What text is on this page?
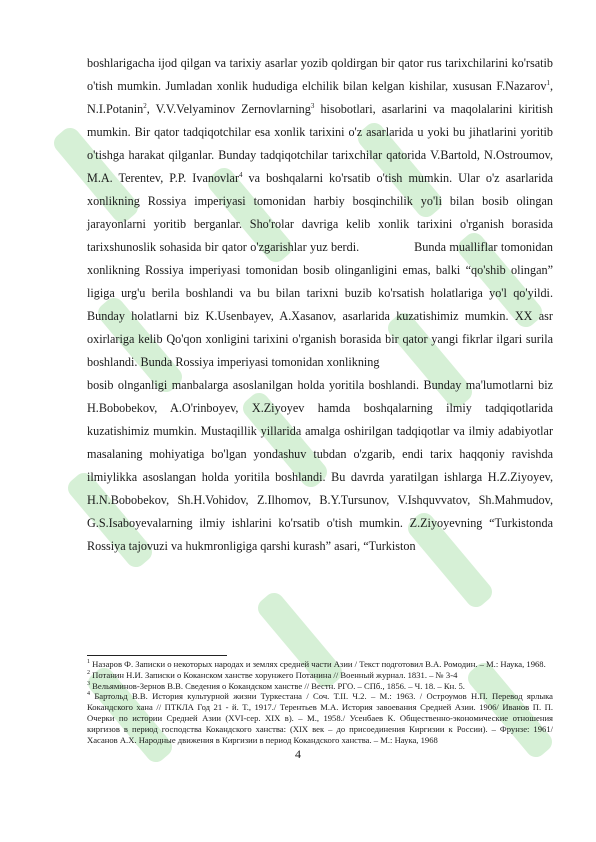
boshlarigacha ijod qilgan va tarixiy asarlar yozib qoldirgan bir qator rus tarixchilarini ko'rsatib o'tish mumkin. Jumladan xonlik hududiga elchilik bilan kelgan kishilar, xususan F.Nazarov$^1$, N.I.Potanin$^2$, V.V.Velyaminov Zernovlarning$^3$ hisobotlari, asarlarini va maqolalarini kiritish mumkin. Bir qator tadqiqotchilar esa xonlik tarixini o'z asarlarida u yoki bu jihatlarini yoritib o'tishga harakat qilganlar. Bunday tadqiqotchilar tarixchilar qatorida V.Bartold, N.Ostroumov, M.A. Terentev, P.P. Ivanovlar$^4$ va boshqalarni ko'rsatib o'tish mumkin. Ular o'z asarlarida xonlikning Rossiya imperiyasi tomonidan harbiy bosqinchilik yo'li bilan bosib olingan jarayonlarni yoritib berganlar. Sho'rolar davriga kelib xonlik tarixini o'rganish borasida tarixshunoslik sohasida bir qator o'zgarishlar yuz berdi.	Bunda mualliflar tomonidan xonlikning Rossiya imperiyasi tomonidan bosib olinganligini emas, balki “qo'shib olingan” ligiga urg'u berila boshlandi va bu bilan tarixni buzib ko'rsatish holatlariga yo'l qo'yildi. Bunday holatlarni biz K.Usenbayev, A.Xasanov, asarlarida kuzatishimiz mumkin. XX asr oxirlariga kelib Qo'qon xonligini tarixini o'rganish borasida bir qator yangi fikrlar ilgari surila boshlandi. Bunda Rossiya imperiyasi tomonidan xonlikning

bosib olnganligi manbalarga asoslanilgan holda yoritila boshlandi. Bunday ma'lumotlarni biz H.Bobobekov, A.O'rinboyev, X.Ziyoyev hamda boshqalarning ilmiy tadqiqotlarida kuzatishimiz mumkin. Mustaqillik yillarida amalga oshirilgan tadqiqotlar va ilmiy adabiyotlar masalaning mohiyatiga bo'lgan yondashuv tubdan o'zgarib, endi tarix haqqoniy ravishda ilmiylikka asoslangan holda yoritila boshlandi. Bu davrda yaratilgan ishlarga H.Z.Ziyoyev, H.N.Bobobekov, Sh.H.Vohidov, Z.Ilhomov, B.Y.Tursunov, V.Ishquvvatov, Sh.Mahmudov, G.S.Isaboyevalarning ilmiy ishlarini ko'rsatib o'tish mumkin. Z.Ziyoyevning “Turkistonda Rossiya tajovuzi va hukmronligiga qarshi kurash” asari, “Turkiston

$^1$ Назаров Ф. Записки о некоторых народах и землях средней части Азии / Текст подготовил В.А. Ромодин. – М.: Наука, 1968.

$^2$ Потанин Н.И. Записки о Коканском ханстве хорунжего Потанина // Военный журнал. 1831. – № 3-4

$^3$ Вельяминов-Зернов В.В. Сведения о Кокандском ханстве // Вестн. РГО. – СПб., 1856. – Ч. 18. – Кн. 5.

$^4$ Бартольд В.В. История культурной жизни Туркестана / Соч. Т.II. Ч.2. – М.: 1963. / Остроумов Н.П. Перевод ярлыка Кокандского хана // ПТКЛА Год 21 - й. Т., 1917./ Терентьев М.А. История завоевания Средней Азии. 1906/ Иванов П. П. Очерки по истории Средней Азии (XVI-сер. XIX в). – М., 1958./ Усенбаев К. Общественно-экономические отношения киргизов в период господства Кокандского ханства: (XIX век – до присоединения Киргизии к России). – Фрунзе: 1961/Хасанов А.Х. Народные движения в Киргизии в период Кокандского ханства. – М.: Наука, 1968

4
